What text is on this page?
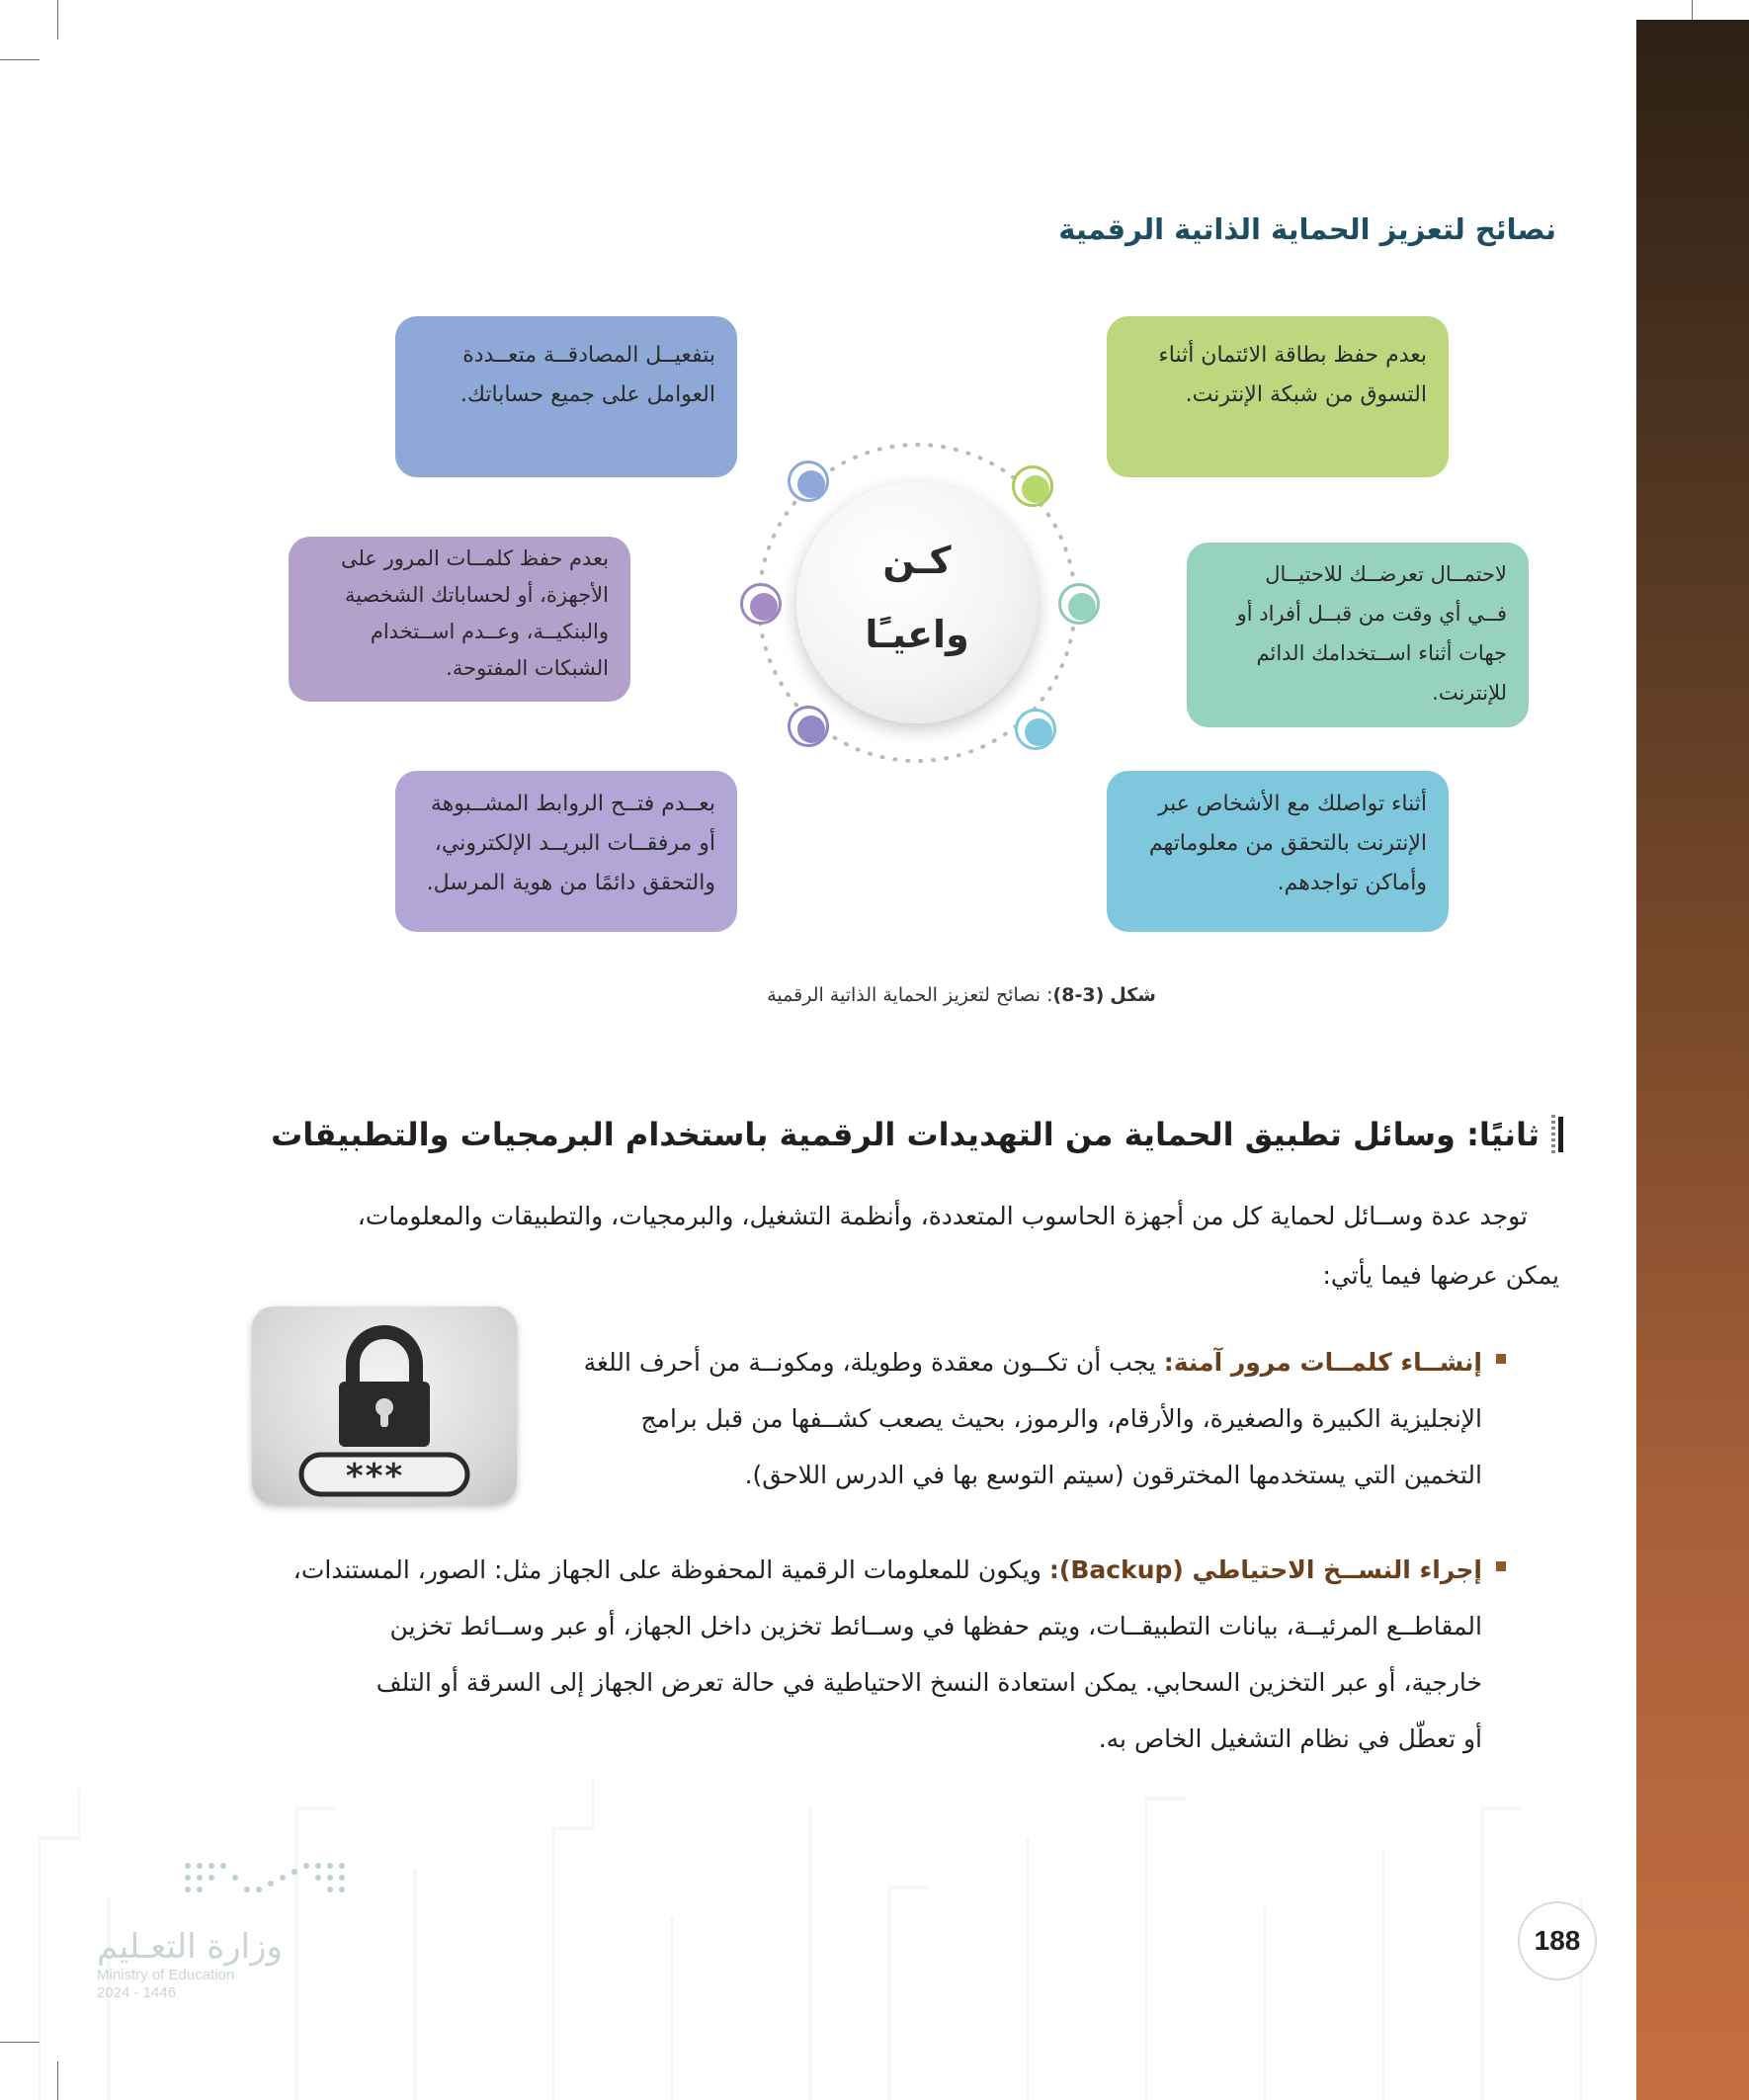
نصائح لتعزيز الحماية الذاتية الرقمية
كـن
واعيـًا
بتفعيــل المصادقــة متعــددة
العوامل على جميع حساباتك.
بعدم حفظ بطاقة الائتمان أثناء
التسوق من شبكة الإنترنت.
بعدم حفظ كلمــات المرور على
الأجهزة، أو لحساباتك الشخصية
والبنكيــة، وعــدم اســتخدام
الشبكات المفتوحة.
لاحتمــال تعرضــك للاحتيــال
فــي أي وقت من قبــل أفراد أو
جهات أثناء اســتخدامك الدائم
للإنترنت.
بعــدم فتــح الروابط المشــبوهة
أو مرفقــات البريــد الإلكتروني،
والتحقق دائمًا من هوية المرسل.
أثناء تواصلك مع الأشخاص عبر
الإنترنت بالتحقق من معلوماتهم
وأماكن تواجدهم.
شكل (3-8): نصائح لتعزيز الحماية الذاتية الرقمية
ثانيًا: وسائل تطبيق الحماية من التهديدات الرقمية باستخدام البرمجيات والتطبيقات
توجد عدة وســائل لحماية كل من أجهزة الحاسوب المتعددة، وأنظمة التشغيل، والبرمجيات، والتطبيقات والمعلومات،
يمكن عرضها فيما يأتي:
إنشــاء كلمــات مرور آمنة: يجب أن تكــون معقدة وطويلة، ومكونــة من أحرف اللغة
الإنجليزية الكبيرة والصغيرة، والأرقام، والرموز، بحيث يصعب كشــفها من قبل برامج
التخمين التي يستخدمها المخترقون (سيتم التوسع بها في الدرس اللاحق).
***_
إجراء النســخ الاحتياطي (Backup): ويكون للمعلومات الرقمية المحفوظة على الجهاز مثل: الصور، المستندات،
المقاطــع المرئيــة، بيانات التطبيقــات، ويتم حفظها في وســائط تخزين داخل الجهاز، أو عبر وســائط تخزين
خارجية، أو عبر التخزين السحابي. يمكن استعادة النسخ الاحتياطية في حالة تعرض الجهاز إلى السرقة أو التلف
أو تعطّل في نظام التشغيل الخاص به.
وزارة التعـليم
Ministry of Education
2024 - 1446
188
